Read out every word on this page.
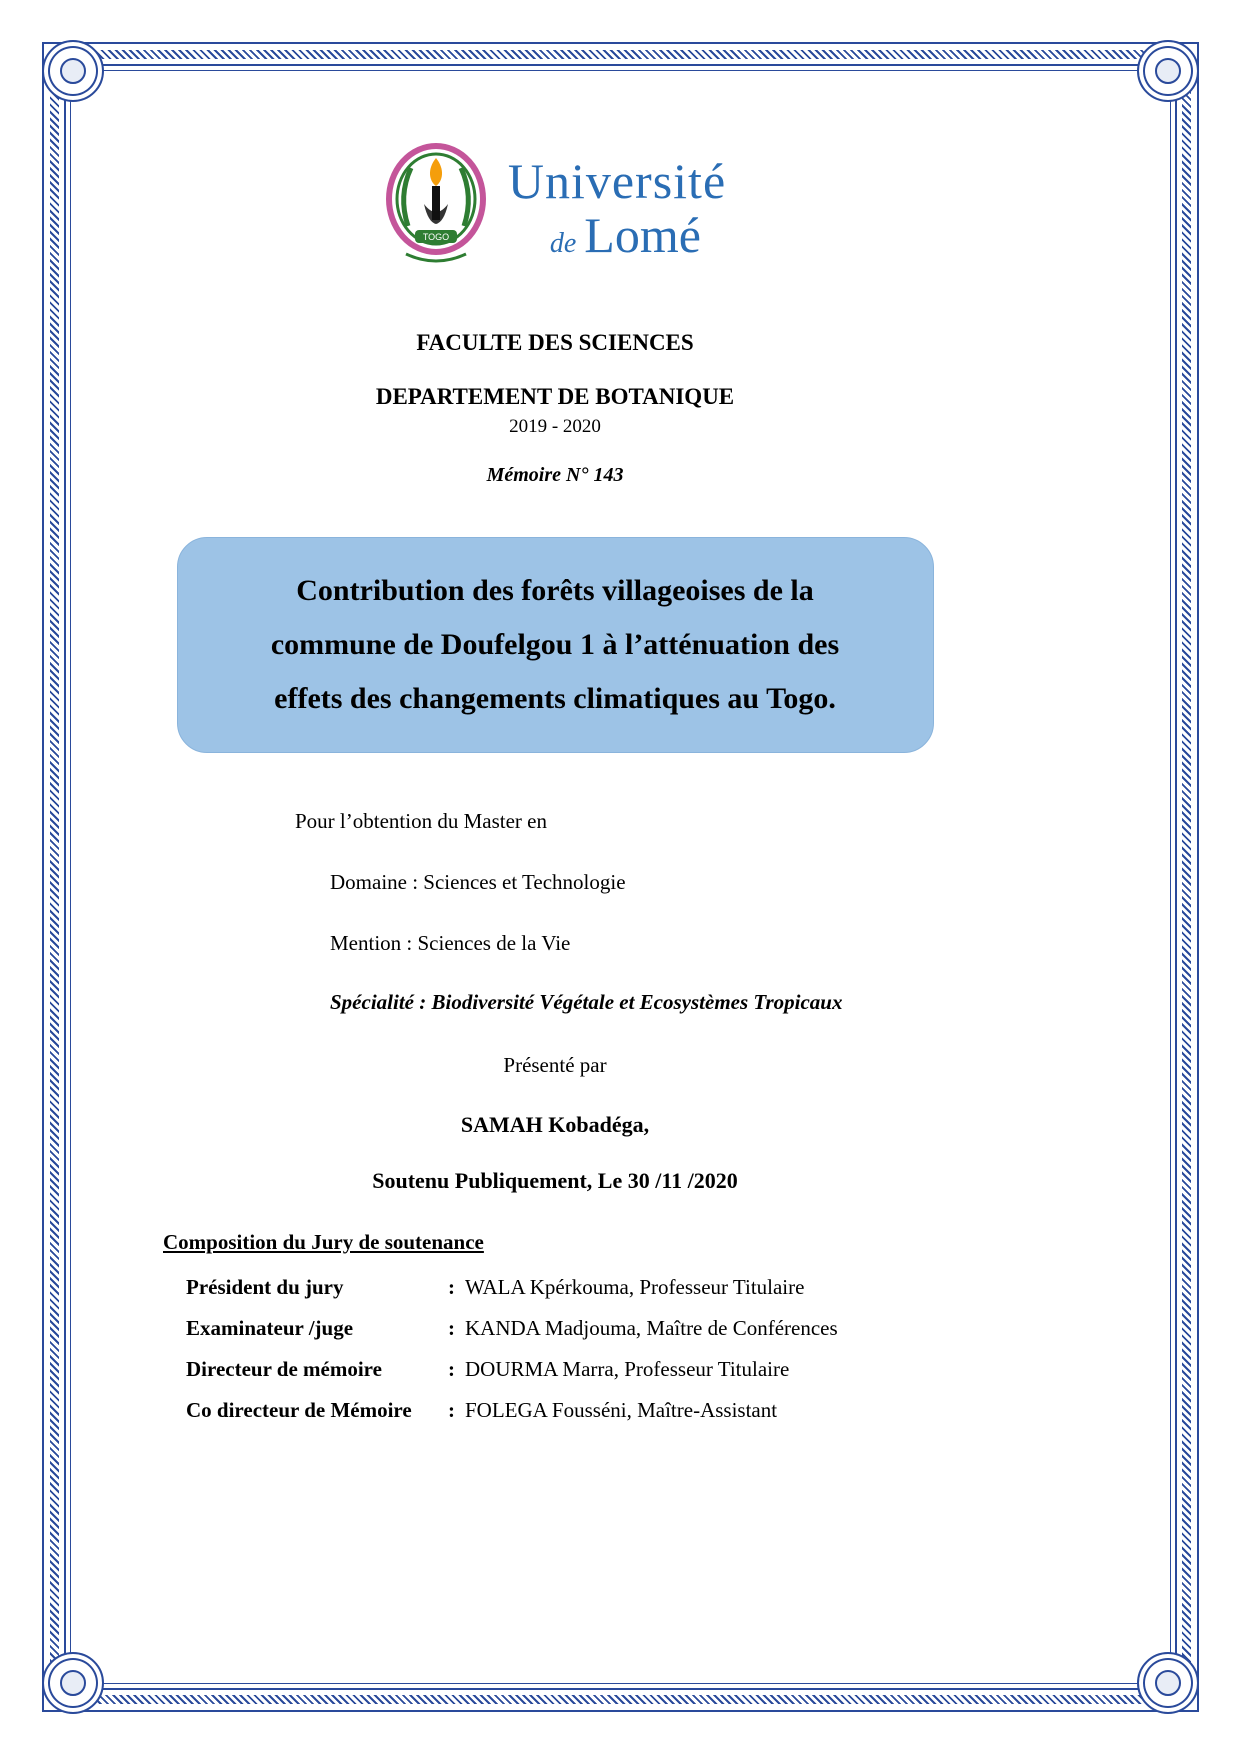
TOGO
Université
de Lomé
FACULTE DES SCIENCES
DEPARTEMENT DE BOTANIQUE
2019 - 2020
Mémoire N° 143
Contribution des forêts villageoises de la
commune de Doufelgou 1 à l’atténuation des
effets des changements climatiques au Togo.
Pour l’obtention du Master en
Domaine : Sciences et Technologie
Mention : Sciences de la Vie
Spécialité : Biodiversité Végétale et Ecosystèmes Tropicaux
Présenté par
SAMAH Kobadéga,
Soutenu Publiquement, Le 30 /11 /2020
Composition du Jury de soutenance
Président du jury	: WALA Kpérkouma, Professeur Titulaire
Examinateur /juge	: KANDA Madjouma, Maître de Conférences
Directeur de mémoire	: DOURMA Marra, Professeur Titulaire
Co directeur de Mémoire	: FOLEGA Fousséni, Maître-Assistant
